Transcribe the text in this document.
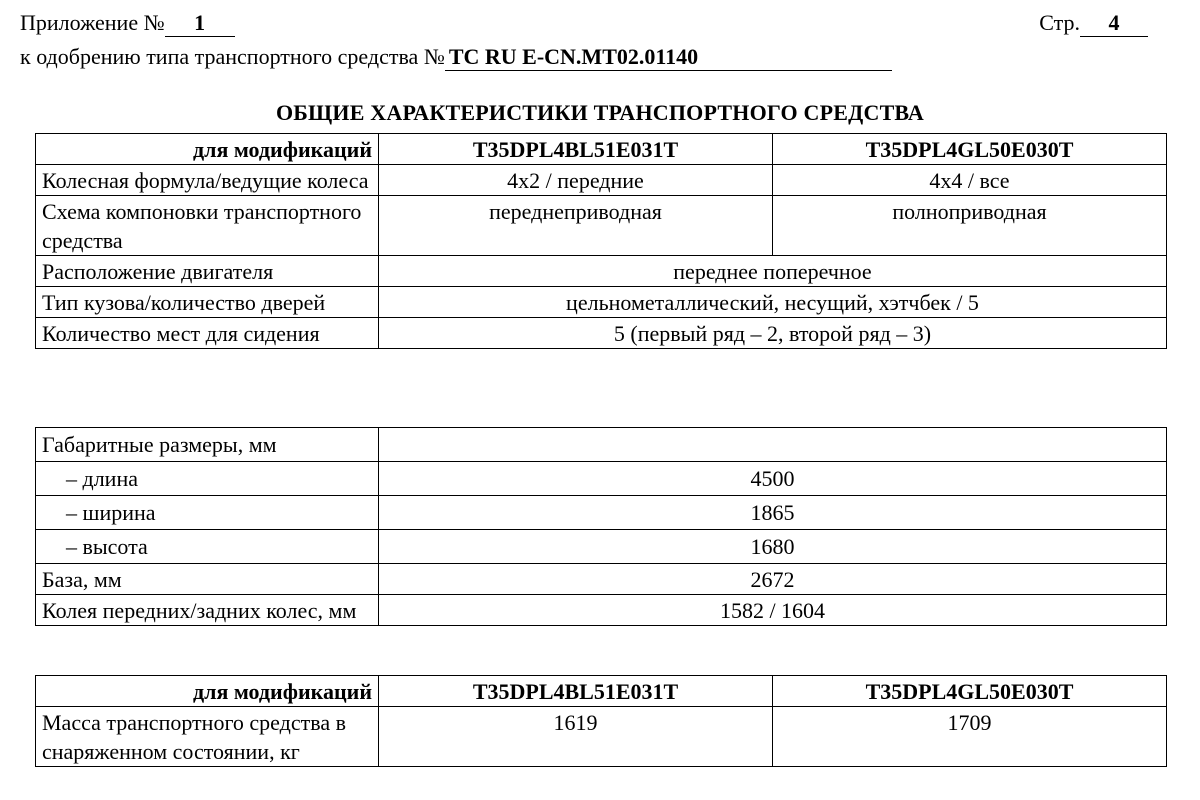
Приложение № 1	Стр. 4
к одобрению типа транспортного средства № ТС RU E-CN.MT02.01140
ОБЩИЕ ХАРАКТЕРИСТИКИ ТРАНСПОРТНОГО СРЕДСТВА
для модификаций	T35DPL4BL51E031T	T35DPL4GL50E030T
Колесная формула/ведущие колеса	4x2 / передние	4x4 / все
Схема компоновки транспортного средства	переднеприводная	полноприводная
Расположение двигателя	переднее поперечное	
Тип кузова/количество дверей	цельнометаллический, несущий, хэтчбек / 5	
Количество мест для сидения	5 (первый ряд – 2, второй ряд – 3)	
Габаритные размеры, мм	
– длина	4500
– ширина	1865
– высота	1680
База, мм	2672
Колея передних/задних колес, мм	1582 / 1604
для модификаций	T35DPL4BL51E031T	T35DPL4GL50E030T
Масса транспортного средства в снаряженном состоянии, кг	1619	1709
